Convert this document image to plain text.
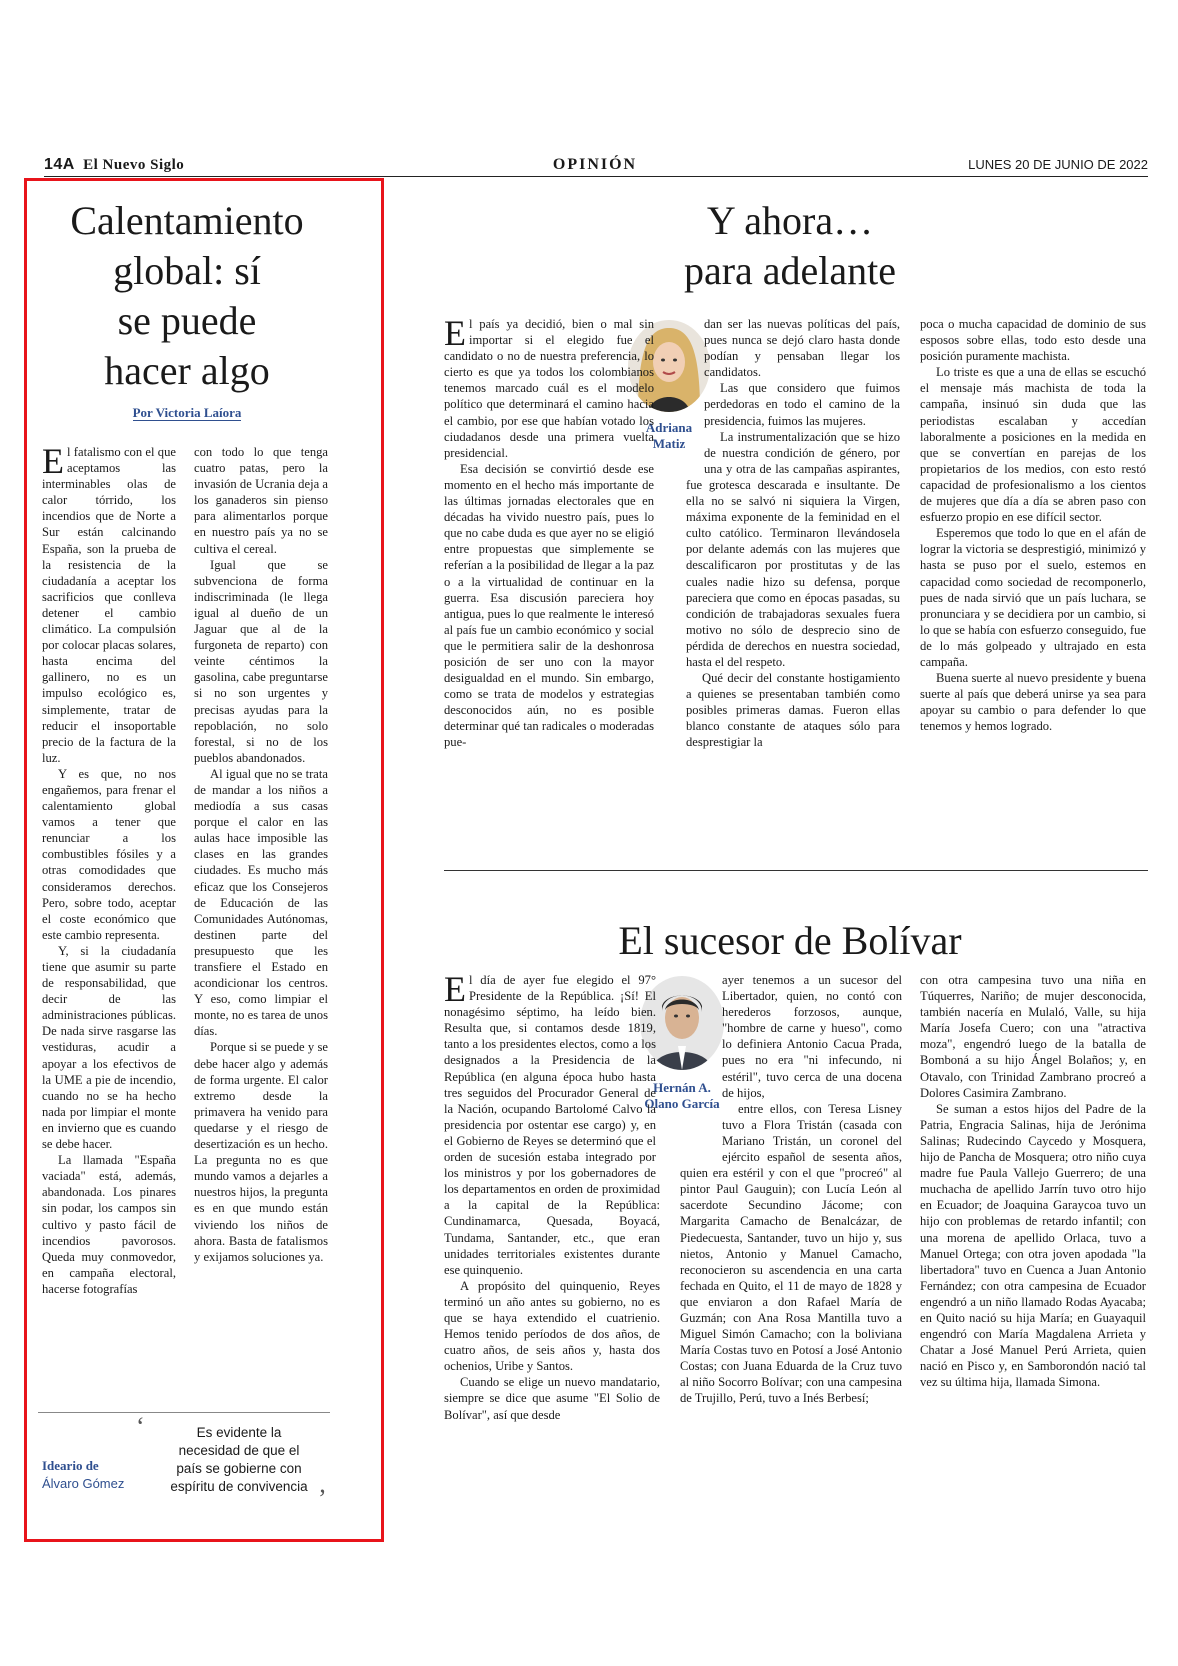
14A El Nuevo Siglo	OPINIÓN	LUNES 20 DE JUNIO DE 2022
Calentamiento
global: sí
se puede
hacer algo
Por Victoria Laíora

El fatalismo con el que aceptamos las interminables olas de calor tórrido, los incendios que de Norte a Sur están calcinando España, son la prueba de la resistencia de la ciudadanía a aceptar los sacrificios que conlleva detener el cambio climático. La compulsión por colocar placas solares, hasta encima del gallinero, no es un impulso ecológico es, simplemente, tratar de reducir el insoportable precio de la factura de la luz.

Y es que, no nos engañemos, para frenar el calentamiento global vamos a tener que renunciar a los combustibles fósiles y a otras comodidades que consideramos derechos. Pero, sobre todo, aceptar el coste económico que este cambio representa.

Y, si la ciudadanía tiene que asumir su parte de responsabilidad, que decir de las administraciones públicas. De nada sirve rasgarse las vestiduras, acudir a apoyar a los efectivos de la UME a pie de incendio, cuando no se ha hecho nada por limpiar el monte en invierno que es cuando se debe hacer.

La llamada "España vaciada" está, además, abandonada. Los pinares sin podar, los campos sin cultivo y pasto fácil de incendios pavorosos. Queda muy conmovedor, en campaña electoral, hacerse fotografías

con todo lo que tenga cuatro patas, pero la invasión de Ucrania deja a los ganaderos sin pienso para alimentarlos porque en nuestro país ya no se cultiva el cereal.

Igual que se subvenciona de forma indiscriminada (le llega igual al dueño de un Jaguar que al de la furgoneta de reparto) con veinte céntimos la gasolina, cabe preguntarse si no son urgentes y precisas ayudas para la repoblación, no solo forestal, si no de los pueblos abandonados.

Al igual que no se trata de mandar a los niños a mediodía a sus casas porque el calor en las aulas hace imposible las clases en las grandes ciudades. Es mucho más eficaz que los Consejeros de Educación de las Comunidades Autónomas, destinen parte del presupuesto que les transfiere el Estado en acondicionar los centros. Y eso, como limpiar el monte, no es tarea de unos días.

Porque si se puede y se debe hacer algo y además de forma urgente. El calor extremo desde la primavera ha venido para quedarse y el riesgo de desertización es un hecho. La pregunta no es que mundo vamos a dejarles a nuestros hijos, la pregunta es en que mundo están viviendo los niños de ahora. Basta de fatalismos y exijamos soluciones ya.

Ideario de
Álvaro Gómez
‘	Es evidente la necesidad de que el país se gobierne con espíritu de convivencia ’
Y ahora…
para adelante
Adriana
Matiz

El país ya decidió, bien o mal sin importar si el elegido fue el candidato o no de nuestra preferencia, lo cierto es que ya todos los colombianos tenemos marcado cuál es el modelo político que determinará el camino hacia el cambio, por ese que habían votado los ciudadanos desde una primera vuelta presidencial.

Esa decisión se convirtió desde ese momento en el hecho más importante de las últimas jornadas electorales que en décadas ha vivido nuestro país, pues lo que no cabe duda es que ayer no se eligió entre propuestas que simplemente se referían a la posibilidad de llegar a la paz o a la virtualidad de continuar en la guerra. Esa discusión pareciera hoy antigua, pues lo que realmente le interesó al país fue un cambio económico y social que le permitiera salir de la deshonrosa posición de ser uno con la mayor desigualdad en el mundo. Sin embargo, como se trata de modelos y estrategias desconocidos aún, no es posible determinar qué tan radicales o moderadas pue-

dan ser las nuevas políticas del país, pues nunca se dejó claro hasta donde podían y pensaban llegar los candidatos.

Las que considero que fuimos perdedoras en todo el camino de la presidencia, fuimos las mujeres.

La instrumentalización que se hizo de nuestra condición de género, por una y otra de las campañas aspirantes, fue grotesca descarada e insultante. De ella no se salvó ni siquiera la Virgen, máxima exponente de la feminidad en el culto católico. Terminaron llevándosela por delante además con las mujeres que descalificaron por prostitutas y de las cuales nadie hizo su defensa, porque pareciera que como en épocas pasadas, su condición de trabajadoras sexuales fuera motivo no sólo de desprecio sino de pérdida de derechos en nuestra sociedad, hasta el del respeto.

Qué decir del constante hostigamiento a quienes se presentaban también como posibles primeras damas. Fueron ellas blanco constante de ataques sólo para desprestigiar la

poca o mucha capacidad de dominio de sus esposos sobre ellas, todo esto desde una posición puramente machista.

Lo triste es que a una de ellas se escuchó el mensaje más machista de toda la campaña, insinuó sin duda que las periodistas escalaban y accedían laboralmente a posiciones en la medida en que se convertían en parejas de los propietarios de los medios, con esto restó capacidad de profesionalismo a los cientos de mujeres que día a día se abren paso con esfuerzo propio en ese difícil sector.

Esperemos que todo lo que en el afán de lograr la victoria se desprestigió, minimizó y hasta se puso por el suelo, estemos en capacidad como sociedad de recomponerlo, pues de nada sirvió que un país luchara, se pronunciara y se decidiera por un cambio, si lo que se había con esfuerzo conseguido, fue de lo más golpeado y ultrajado en esta campaña.

Buena suerte al nuevo presidente y buena suerte al país que deberá unirse ya sea para apoyar su cambio o para defender lo que tenemos y hemos logrado.

El sucesor de Bolívar
Hernán A.
Olano García

El día de ayer fue elegido el 97° Presidente de la República. ¡Sí! El nonagésimo séptimo, ha leído bien. Resulta que, si contamos desde 1819, tanto a los presidentes electos, como a los designados a la Presidencia de la República (en alguna época hubo hasta tres seguidos del Procurador General de la Nación, ocupando Bartolomé Calvo la presidencia por ostentar ese cargo) y, en el Gobierno de Reyes se determinó que el orden de sucesión estaba integrado por los ministros y por los gobernadores de los departamentos en orden de proximidad a la capital de la República: Cundinamarca, Quesada, Boyacá, Tundama, Santander, etc., que eran unidades territoriales existentes durante ese quinquenio.

A propósito del quinquenio, Reyes terminó un año antes su gobierno, no es que se haya extendido el cuatrienio. Hemos tenido períodos de dos años, de cuatro años, de seis años y, hasta dos ochenios, Uribe y Santos.

Cuando se elige un nuevo mandatario, siempre se dice que asume "El Solio de Bolívar", así que desde

ayer tenemos a un sucesor del Libertador, quien, no contó con herederos forzosos, aunque, "hombre de carne y hueso", como lo definiera Antonio Cacua Prada, pues no era "ni infecundo, ni estéril", tuvo cerca de una docena de hijos,

entre ellos, con Teresa Lisney tuvo a Flora Tristán (casada con Mariano Tristán, un coronel del ejército español de sesenta años, quien era estéril y con el que "procreó" al pintor Paul Gauguin); con Lucía León al sacerdote Secundino Jácome; con Margarita Camacho de Benalcázar, de Piedecuesta, Santander, tuvo un hijo y, sus nietos, Antonio y Manuel Camacho, reconocieron su ascendencia en una carta fechada en Quito, el 11 de mayo de 1828 y que enviaron a don Rafael María de Guzmán; con Ana Rosa Mantilla tuvo a Miguel Simón Camacho; con la boliviana María Costas tuvo en Potosí a José Antonio Costas; con Juana Eduarda de la Cruz tuvo al niño Socorro Bolívar; con una campesina de Trujillo, Perú, tuvo a Inés Berbesí;

con otra campesina tuvo una niña en Túquerres, Nariño; de mujer desconocida, también nacería en Mulaló, Valle, su hija María Josefa Cuero; con una "atractiva moza", engendró luego de la batalla de Bomboná a su hijo Ángel Bolaños; y, en Otavalo, con Trinidad Zambrano procreó a Dolores Casimira Zambrano.

Se suman a estos hijos del Padre de la Patria, Engracia Salinas, hija de Jerónima Salinas; Rudecindo Caycedo y Mosquera, hijo de Pancha de Mosquera; otro niño cuya madre fue Paula Vallejo Guerrero; de una muchacha de apellido Jarrín tuvo otro hijo en Ecuador; de Joaquina Garaycoa tuvo un hijo con problemas de retardo infantil; con una morena de apellido Orlaca, tuvo a Manuel Ortega; con otra joven apodada "la libertadora" tuvo en Cuenca a Juan Antonio Fernández; con otra campesina de Ecuador engendró a un niño llamado Rodas Ayacaba; en Quito nació su hija María; en Guayaquil engendró con María Magdalena Arrieta y Chatar a José Manuel Perú Arrieta, quien nació en Pisco y, en Samborondón nació tal vez su última hija, llamada Simona.
